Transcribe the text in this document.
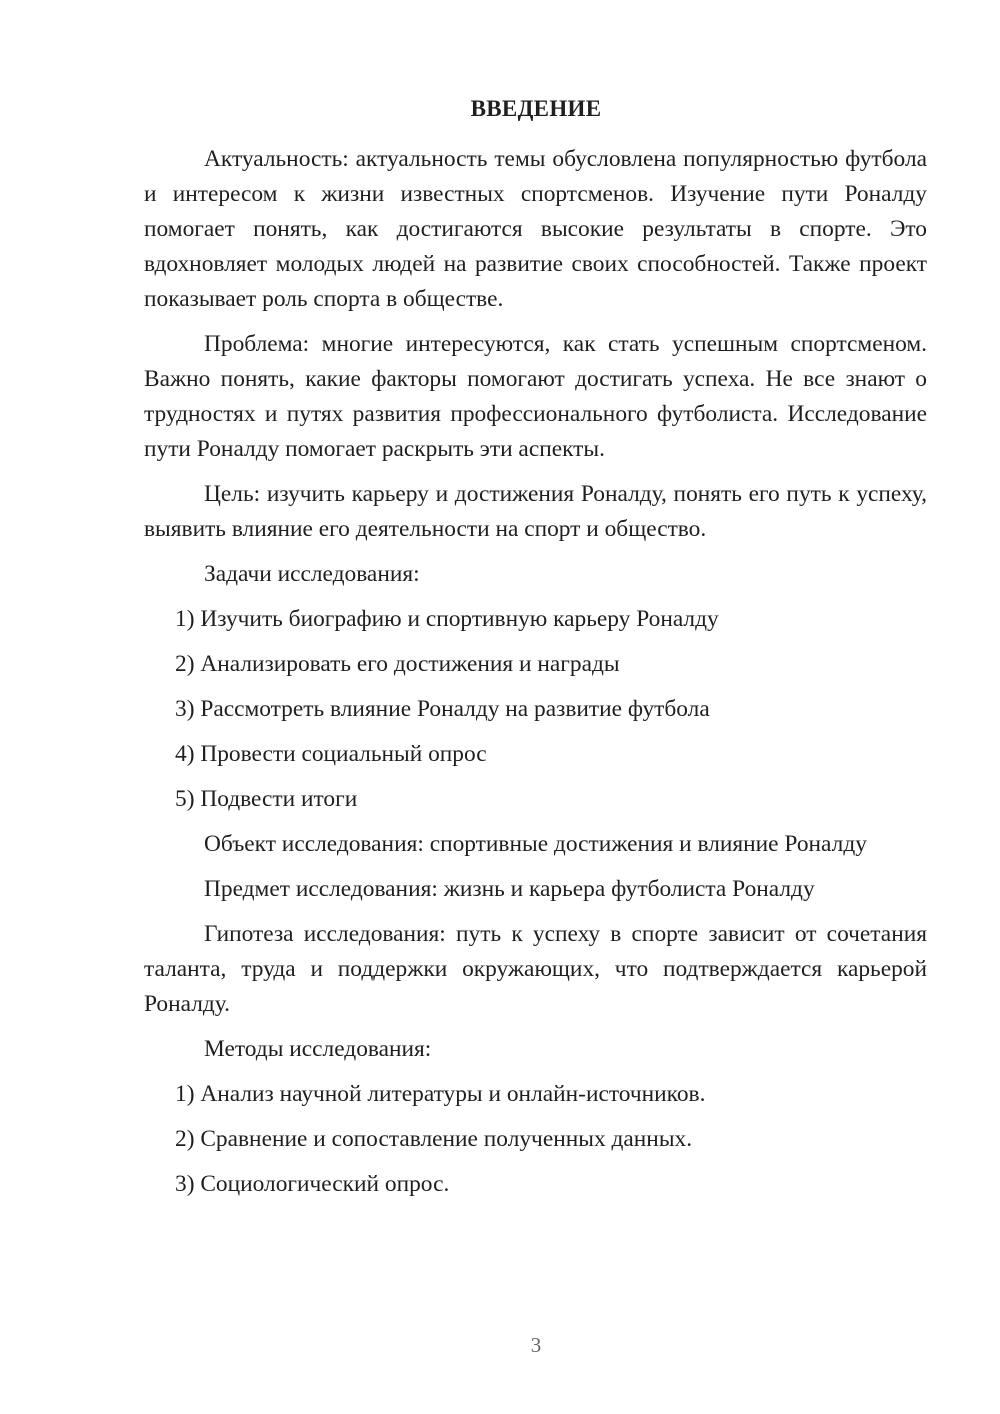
ВВЕДЕНИЕ

Актуальность: актуальность темы обусловлена популярностью футбола и интересом к жизни известных спортсменов. Изучение пути Роналду помогает понять, как достигаются высокие результаты в спорте. Это вдохновляет молодых людей на развитие своих способностей. Также проект показывает роль спорта в обществе.

Проблема: многие интересуются, как стать успешным спортсменом. Важно понять, какие факторы помогают достигать успеха. Не все знают о трудностях и путях развития профессионального футболиста. Исследование пути Роналду помогает раскрыть эти аспекты.

Цель: изучить карьеру и достижения Роналду, понять его путь к успеху, выявить влияние его деятельности на спорт и общество.

Задачи исследования:

1) Изучить биографию и спортивную карьеру Роналду

2) Анализировать его достижения и награды

3) Рассмотреть влияние Роналду на развитие футбола

4) Провести социальный опрос

5) Подвести итоги

Объект исследования: спортивные достижения и влияние Роналду

Предмет исследования: жизнь и карьера футболиста Роналду

Гипотеза исследования: путь к успеху в спорте зависит от сочетания таланта, труда и поддержки окружающих, что подтверждается карьерой Роналду.

Методы исследования:

1) Анализ научной литературы и онлайн-источников.

2) Сравнение и сопоставление полученных данных.

3) Социологический опрос.

3
